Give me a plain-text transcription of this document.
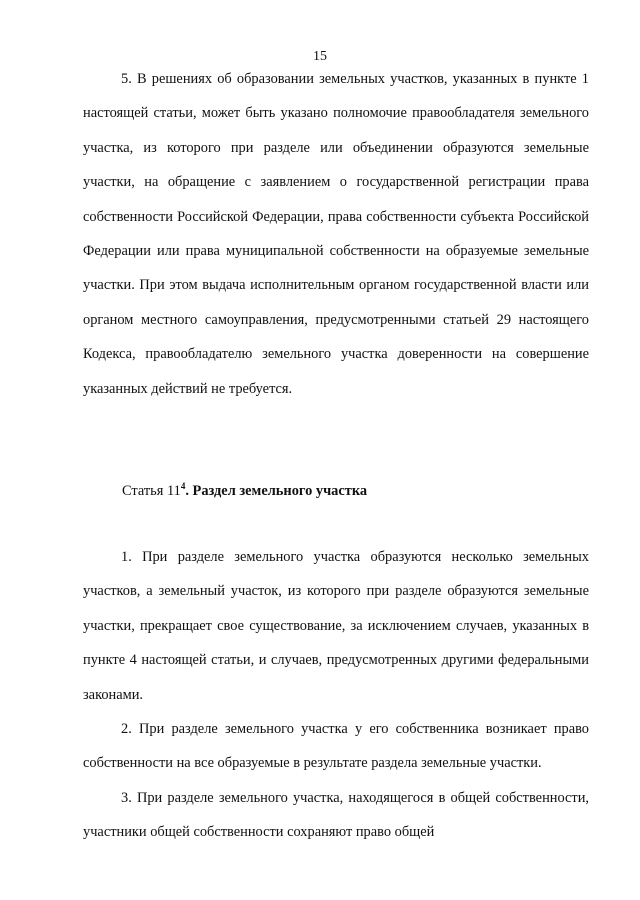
15

5. В решениях об образовании земельных участков, указанных в пункте 1 настоящей статьи, может быть указано полномочие правообладателя земельного участка, из которого при разделе или объединении образуются земельные участки, на обращение с заявлением о государственной регистрации права собственности Российской Федерации, права собственности субъекта Российской Федерации или права муниципальной собственности на образуемые земельные участки. При этом выдача исполнительным органом государственной власти или органом местного самоуправления, предусмотренными статьей 29 настоящего Кодекса, правообладателю земельного участка доверенности на совершение указанных действий не требуется.

Статья $11^4$. Раздел земельного участка

1. При разделе земельного участка образуются несколько земельных участков, а земельный участок, из которого при разделе образуются земельные участки, прекращает свое существование, за исключением случаев, указанных в пункте 4 настоящей статьи, и случаев, предусмотренных другими федеральными законами.

2. При разделе земельного участка у его собственника возникает право собственности на все образуемые в результате раздела земельные участки.

3. При разделе земельного участка, находящегося в общей собственности, участники общей собственности сохраняют право общей
